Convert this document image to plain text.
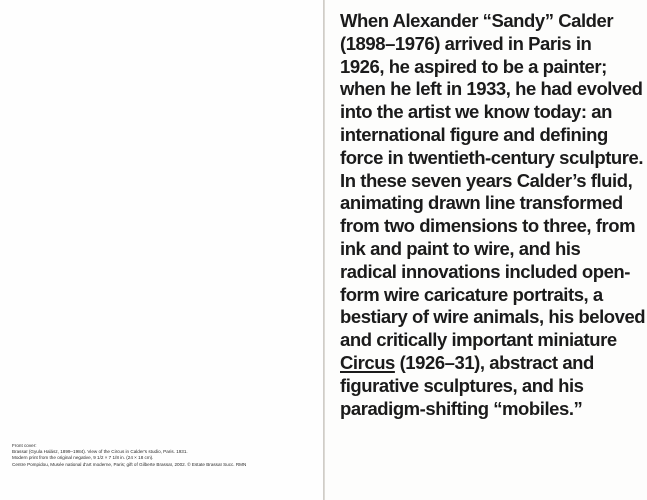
Front cover:
Brassaï (Gyula Halász, 1899–1984). View of the Circus in Calder's studio, Paris. 1931.
Modern print from the original negative, 9 1/2 × 7 1/8 in. (24 × 18 cm).
Centre Pompidou, Musée national d'art moderne, Paris; gift of Gilberte Brassaï, 2002. © Estate Brassaï Succ. RMN
When Alexander “Sandy” Calder
(1898–1976) arrived in Paris in
1926, he aspired to be a painter;
when he left in 1933, he had evolved
into the artist we know today: an
international figure and defining
force in twentieth-century sculpture.
In these seven years Calder’s fluid,
animating drawn line transformed
from two dimensions to three, from
ink and paint to wire, and his
radical innovations included open-
form wire caricature portraits, a
bestiary of wire animals, his beloved
and critically important miniature
Circus (1926–31), abstract and
figurative sculptures, and his
paradigm-shifting “mobiles.”
